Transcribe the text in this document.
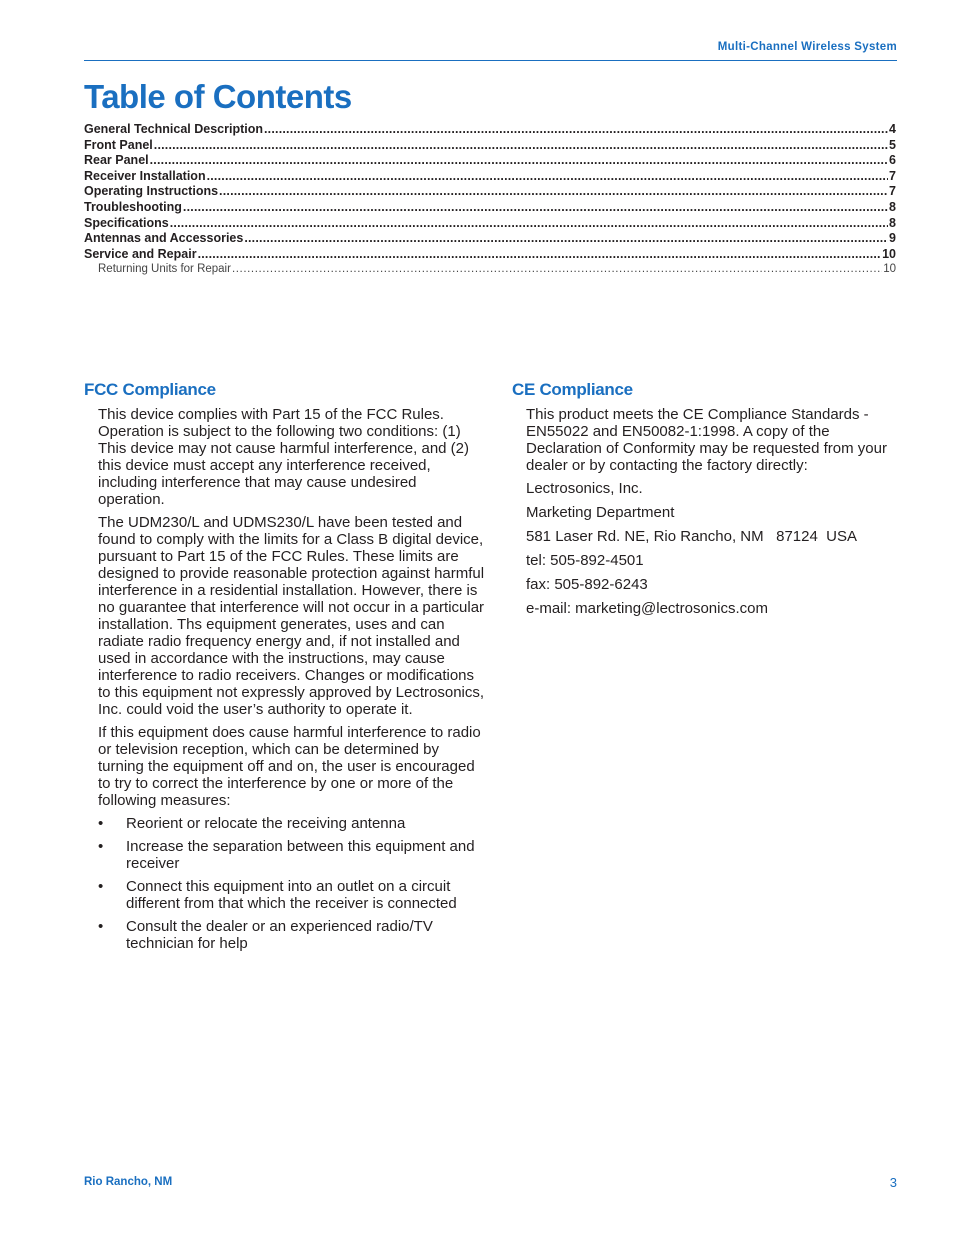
Multi-Channel Wireless System
Table of Contents
General Technical Description .....	4
Front Panel .....	5
Rear Panel .....	6
Receiver Installation .....	7
Operating Instructions .....	7
Troubleshooting .....	8
Specifications .....	8
Antennas and Accessories .....	9
Service and Repair .....	10
Returning Units for Repair .....	10
FCC Compliance

This device complies with Part 15 of the FCC Rules. Operation is subject to the following two conditions: (1) This device may not cause harmful interference, and (2) this device must accept any interference received, including interference that may cause undesired operation.

The UDM230/L and UDMS230/L have been tested and found to comply with the limits for a Class B digital device, pursuant to Part 15 of the FCC Rules. These limits are designed to provide reasonable protection against harmful interference in a residential installation. However, there is no guarantee that interference will not occur in a particular installation. Ths equipment generates, uses and can radiate radio frequency energy and, if not installed and used in accordance with the instructions, may cause interference to radio receivers. Changes or modifications to this equipment not expressly approved by Lectrosonics, Inc. could void the user’s authority to operate it.

If this equipment does cause harmful interference to radio or television reception, which can be determined by turning the equipment off and on, the user is encouraged to try to correct the interference by one or more of the following measures:

• Reorient or relocate the receiving antenna
• Increase the separation between this equipment and receiver
• Connect this equipment into an outlet on a circuit different from that which the receiver is connected
• Consult the dealer or an experienced radio/TV technician for help
CE Compliance

This product meets the CE Compliance Standards - EN55022 and EN50082-1:1998. A copy of the Declaration of Conformity may be requested from your dealer or by contacting the factory directly:

Lectrosonics, Inc.

Marketing Department

581 Laser Rd. NE, Rio Rancho, NM   87124  USA

tel: 505-892-4501

fax: 505-892-6243

e-mail: marketing@lectrosonics.com

Rio Rancho, NM	3
